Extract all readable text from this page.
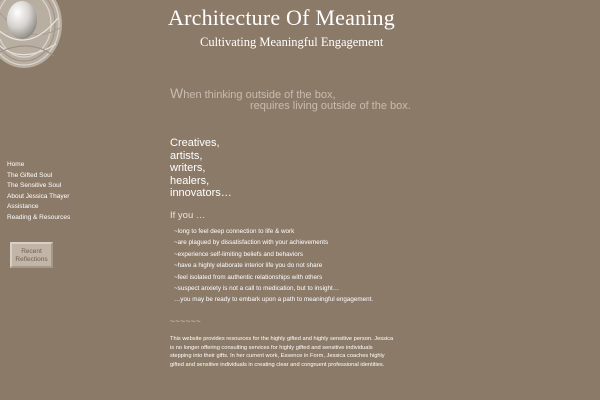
Architecture Of Meaning
Cultivating Meaningful Engagement
When thinking outside of the box,
requires living outside of the box.
Creatives,
artists,
writers,
healers,
innovators…
Home
The Gifted Soul
The Sensitive Soul
About Jessica Thayer
Assistance
Reading & Resources
Recent
Reflections
If you …
~long to feel deep connection to life & work
~are plagued by dissatisfaction with your achievements
~experience self-limiting beliefs and behaviors
~have a highly elaborate interior life you do not share
~feel isolated from authentic relationships with others
~suspect anxiety is not a call to medication, but to insight…
…you may be ready to embark upon a path to meaningful engagement.
~~~~~~
This website provides resources for the highly gifted and highly sensitive person. Jessica is no longer offering consulting services for highly gifted and sensitive individuals stepping into their gifts. In her current work, Essence in Form, Jessica coaches highly gifted and sensitive individuals in creating clear and congruent professional identities.
